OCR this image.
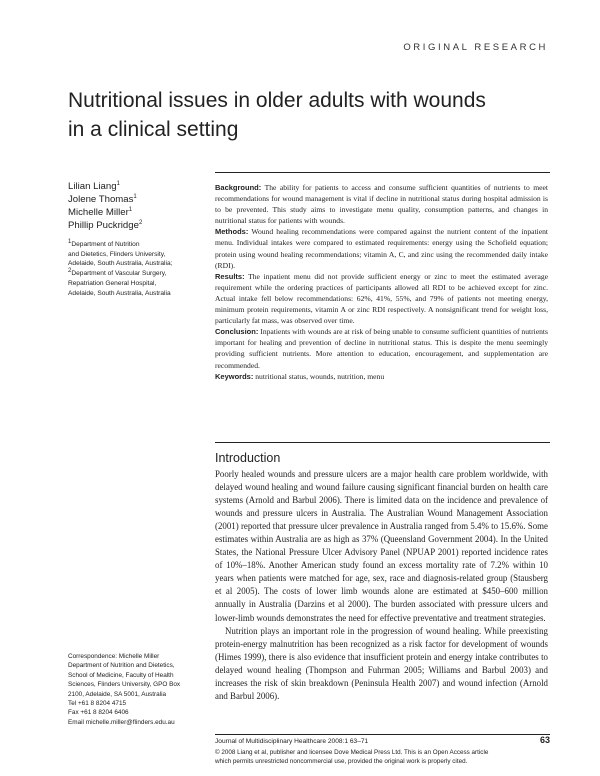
ORIGINAL RESEARCH
Nutritional issues in older adults with wounds
in a clinical setting
Lilian Liang$^1$
Jolene Thomas$^1$
Michelle Miller$^1$
Phillip Puckridge$^2$
$^1$Department of Nutrition
and Dietetics, Flinders University,
Adelaide, South Australia, Australia;
$^2$Department of Vascular Surgery,
Repatriation General Hospital,
Adelaide, South Australia, Australia

Background: The ability for patients to access and consume sufficient quantities of nutrients to meet recommendations for wound management is vital if decline in nutritional status during hospital admission is to be prevented. This study aims to investigate menu quality, consumption patterns, and changes in nutritional status for patients with wounds.

Methods: Wound healing recommendations were compared against the nutrient content of the inpatient menu. Individual intakes were compared to estimated requirements: energy using the Schofield equation; protein using wound healing recommendations; vitamin A, C, and zinc using the recommended daily intake (RDI).

Results: The inpatient menu did not provide sufficient energy or zinc to meet the estimated average requirement while the ordering practices of participants allowed all RDI to be achieved except for zinc. Actual intake fell below recommendations: 62%, 41%, 55%, and 79% of patients not meeting energy, minimum protein requirements, vitamin A or zinc RDI respectively. A nonsignificant trend for weight loss, particularly fat mass, was observed over time.

Conclusion: Inpatients with wounds are at risk of being unable to consume sufficient quantities of nutrients important for healing and prevention of decline in nutritional status. This is despite the menu seemingly providing sufficient nutrients. More attention to education, encouragement, and supplementation are recommended.

Keywords: nutritional status, wounds, nutrition, menu

Introduction

Poorly healed wounds and pressure ulcers are a major health care problem worldwide, with delayed wound healing and wound failure causing significant financial burden on health care systems (Arnold and Barbul 2006). There is limited data on the incidence and prevalence of wounds and pressure ulcers in Australia. The Australian Wound Management Association (2001) reported that pressure ulcer prevalence in Australia ranged from 5.4% to 15.6%. Some estimates within Australia are as high as 37% (Queensland Government 2004). In the United States, the National Pressure Ulcer Advisory Panel (NPUAP 2001) reported incidence rates of 10%–18%. Another American study found an excess mortality rate of 7.2% within 10 years when patients were matched for age, sex, race and diagnosis-related group (Stausberg et al 2005). The costs of lower limb wounds alone are estimated at $450–600 million annually in Australia (Darzins et al 2000). The burden associated with pressure ulcers and lower-limb wounds demonstrates the need for effective preventative and treatment strategies.

Nutrition plays an important role in the progression of wound healing. While preexisting protein-energy malnutrition has been recognized as a risk factor for development of wounds (Himes 1999), there is also evidence that insufficient protein and energy intake contributes to delayed wound healing (Thompson and Fuhrman 2005; Williams and Barbul 2003) and increases the risk of skin breakdown (Peninsula Health 2007) and wound infection (Arnold and Barbul 2006).

Correspondence: Michelle Miller
Department of Nutrition and Dietetics,
School of Medicine, Faculty of Health
Sciences, Flinders University, GPO Box
2100, Adelaide, SA 5001, Australia
Tel +61 8 8204 4715
Fax +61 8 8204 6406
Email michelle.miller@flinders.edu.au
Journal of Multidisciplinary Healthcare 2008:1 63–71	63
© 2008 Liang et al, publisher and licensee Dove Medical Press Ltd. This is an Open Access article
which permits unrestricted noncommercial use, provided the original work is properly cited.
